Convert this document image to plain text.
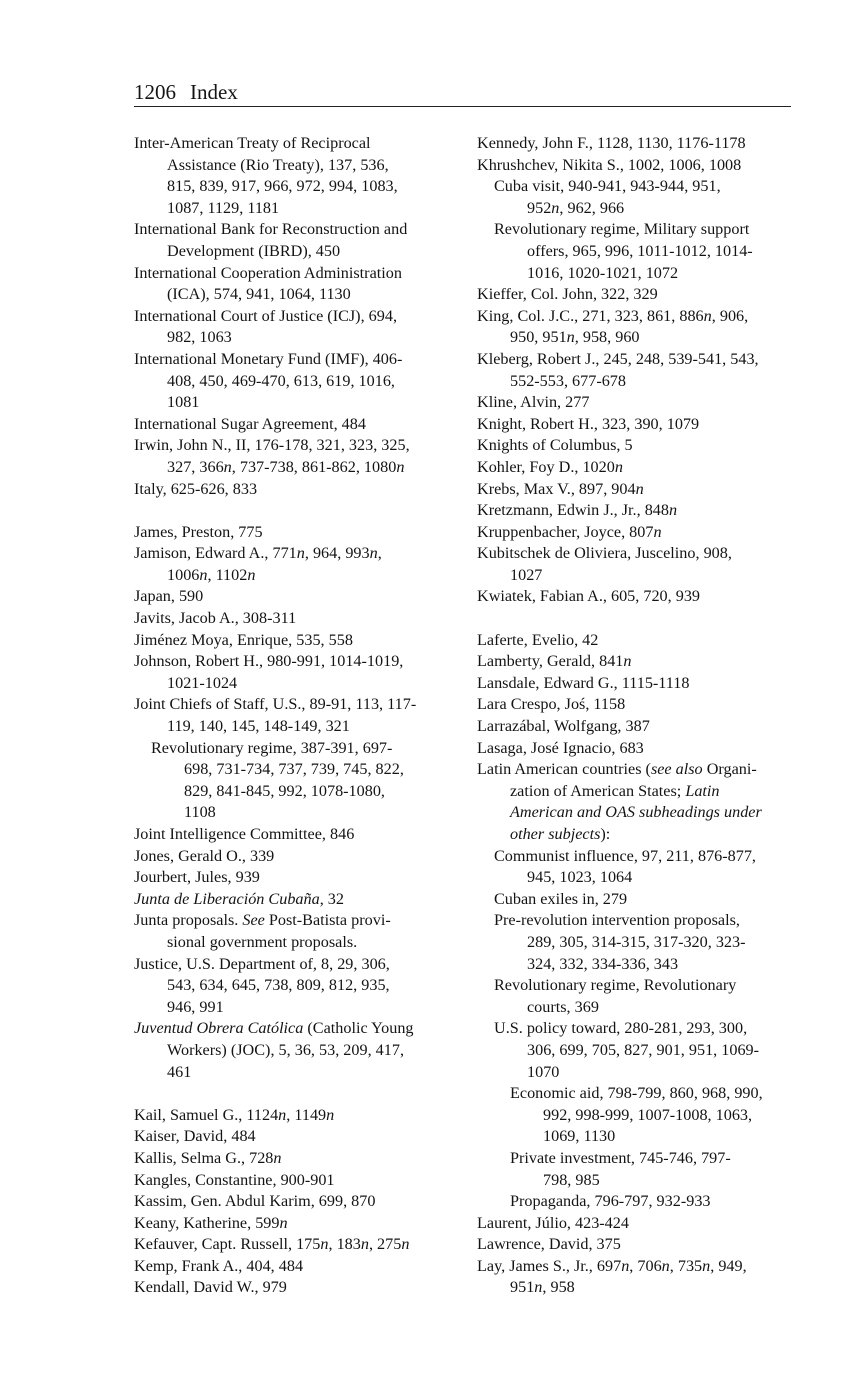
1206 Index
Inter-American Treaty of Reciprocal
Assistance (Rio Treaty), 137, 536,
815, 839, 917, 966, 972, 994, 1083,
1087, 1129, 1181
International Bank for Reconstruction and
Development (IBRD), 450
International Cooperation Administration
(ICA), 574, 941, 1064, 1130
International Court of Justice (ICJ), 694,
982, 1063
International Monetary Fund (IMF), 406-
408, 450, 469-470, 613, 619, 1016,
1081
International Sugar Agreement, 484
Irwin, John N., II, 176-178, 321, 323, 325,
327, 366n, 737-738, 861-862, 1080n
Italy, 625-626, 833
James, Preston, 775
Jamison, Edward A., 771n, 964, 993n,
1006n, 1102n
Japan, 590
Javits, Jacob A., 308-311
Jiménez Moya, Enrique, 535, 558
Johnson, Robert H., 980-991, 1014-1019,
1021-1024
Joint Chiefs of Staff, U.S., 89-91, 113, 117-
119, 140, 145, 148-149, 321
Revolutionary regime, 387-391, 697-
698, 731-734, 737, 739, 745, 822,
829, 841-845, 992, 1078-1080,
1108
Joint Intelligence Committee, 846
Jones, Gerald O., 339
Jourbert, Jules, 939
Junta de Liberación Cubaña, 32
Junta proposals. See Post-Batista provi-
sional government proposals.
Justice, U.S. Department of, 8, 29, 306,
543, 634, 645, 738, 809, 812, 935,
946, 991
Juventud Obrera Católica (Catholic Young
Workers) (JOC), 5, 36, 53, 209, 417,
461
Kail, Samuel G., 1124n, 1149n
Kaiser, David, 484
Kallis, Selma G., 728n
Kangles, Constantine, 900-901
Kassim, Gen. Abdul Karim, 699, 870
Keany, Katherine, 599n
Kefauver, Capt. Russell, 175n, 183n, 275n
Kemp, Frank A., 404, 484
Kendall, David W., 979
Kennedy, John F., 1128, 1130, 1176-1178
Khrushchev, Nikita S., 1002, 1006, 1008
Cuba visit, 940-941, 943-944, 951,
952n, 962, 966
Revolutionary regime, Military support
offers, 965, 996, 1011-1012, 1014-
1016, 1020-1021, 1072
Kieffer, Col. John, 322, 329
King, Col. J.C., 271, 323, 861, 886n, 906,
950, 951n, 958, 960
Kleberg, Robert J., 245, 248, 539-541, 543,
552-553, 677-678
Kline, Alvin, 277
Knight, Robert H., 323, 390, 1079
Knights of Columbus, 5
Kohler, Foy D., 1020n
Krebs, Max V., 897, 904n
Kretzmann, Edwin J., Jr., 848n
Kruppenbacher, Joyce, 807n
Kubitschek de Oliviera, Juscelino, 908,
1027
Kwiatek, Fabian A., 605, 720, 939
Laferte, Evelio, 42
Lamberty, Gerald, 841n
Lansdale, Edward G., 1115-1118
Lara Crespo, Joś, 1158
Larrazábal, Wolfgang, 387
Lasaga, José Ignacio, 683
Latin American countries (see also Organi-
zation of American States; Latin
American and OAS subheadings under
other subjects):
Communist influence, 97, 211, 876-877,
945, 1023, 1064
Cuban exiles in, 279
Pre-revolution intervention proposals,
289, 305, 314-315, 317-320, 323-
324, 332, 334-336, 343
Revolutionary regime, Revolutionary
courts, 369
U.S. policy toward, 280-281, 293, 300,
306, 699, 705, 827, 901, 951, 1069-
1070
Economic aid, 798-799, 860, 968, 990,
992, 998-999, 1007-1008, 1063,
1069, 1130
Private investment, 745-746, 797-
798, 985
Propaganda, 796-797, 932-933
Laurent, Júlio, 423-424
Lawrence, David, 375
Lay, James S., Jr., 697n, 706n, 735n, 949,
951n, 958
